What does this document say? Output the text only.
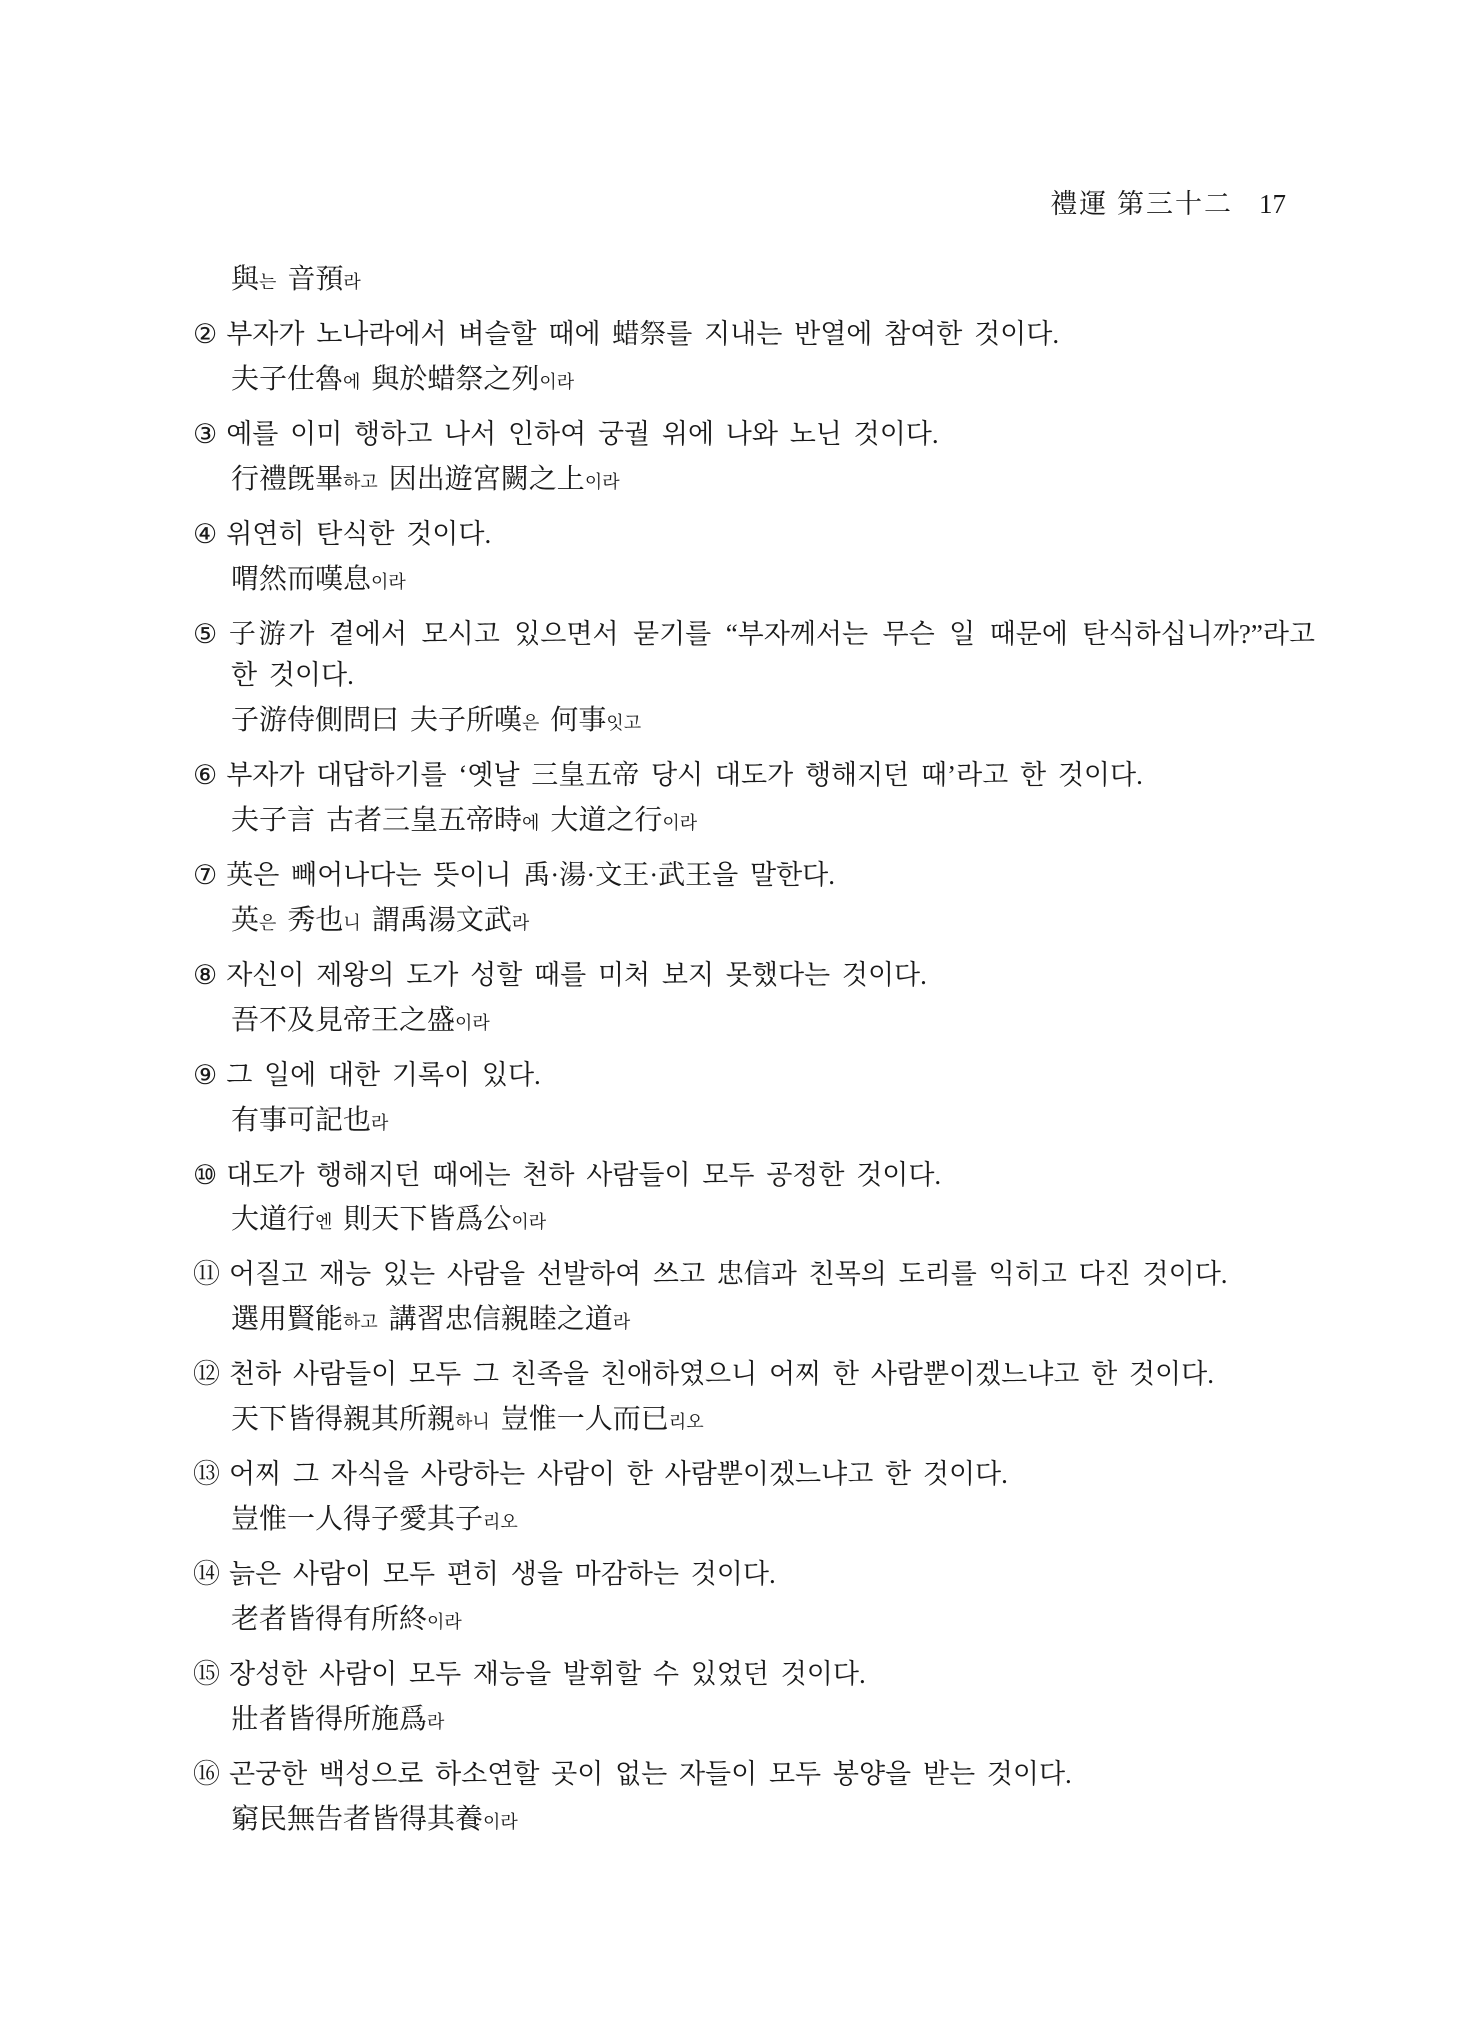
禮運 第三十二 17
與는 音預라
② 부자가 노나라에서 벼슬할 때에 蜡祭를 지내는 반열에 참여한 것이다.
夫子仕魯에 與於蜡祭之列이라
③ 예를 이미 행하고 나서 인하여 궁궐 위에 나와 노닌 것이다.
行禮旣畢하고 因出遊宮闕之上이라
④ 위연히 탄식한 것이다.
喟然而嘆息이라
⑤ 子游가 곁에서 모시고 있으면서 묻기를 “부자께서는 무슨 일 때문에 탄식하십니까?”라고 한 것이다.
子游侍側問曰 夫子所嘆은 何事잇고
⑥ 부자가 대답하기를 ‘옛날 三皇五帝 당시 대도가 행해지던 때’라고 한 것이다.
夫子言 古者三皇五帝時에 大道之行이라
⑦ 英은 빼어나다는 뜻이니 禹·湯·文王·武王을 말한다.
英은 秀也니 謂禹湯文武라
⑧ 자신이 제왕의 도가 성할 때를 미처 보지 못했다는 것이다.
吾不及見帝王之盛이라
⑨ 그 일에 대한 기록이 있다.
有事可記也라
⑩ 대도가 행해지던 때에는 천하 사람들이 모두 공정한 것이다.
大道行엔 則天下皆爲公이라
⑪ 어질고 재능 있는 사람을 선발하여 쓰고 忠信과 친목의 도리를 익히고 다진 것이다.
選用賢能하고 講習忠信親睦之道라
⑫ 천하 사람들이 모두 그 친족을 친애하였으니 어찌 한 사람뿐이겠느냐고 한 것이다.
天下皆得親其所親하니 豈惟一人而已리오
⑬ 어찌 그 자식을 사랑하는 사람이 한 사람뿐이겠느냐고 한 것이다.
豈惟一人得子愛其子리오
⑭ 늙은 사람이 모두 편히 생을 마감하는 것이다.
老者皆得有所終이라
⑮ 장성한 사람이 모두 재능을 발휘할 수 있었던 것이다.
壯者皆得所施爲라
⑯ 곤궁한 백성으로 하소연할 곳이 없는 자들이 모두 봉양을 받는 것이다.
窮民無告者皆得其養이라
